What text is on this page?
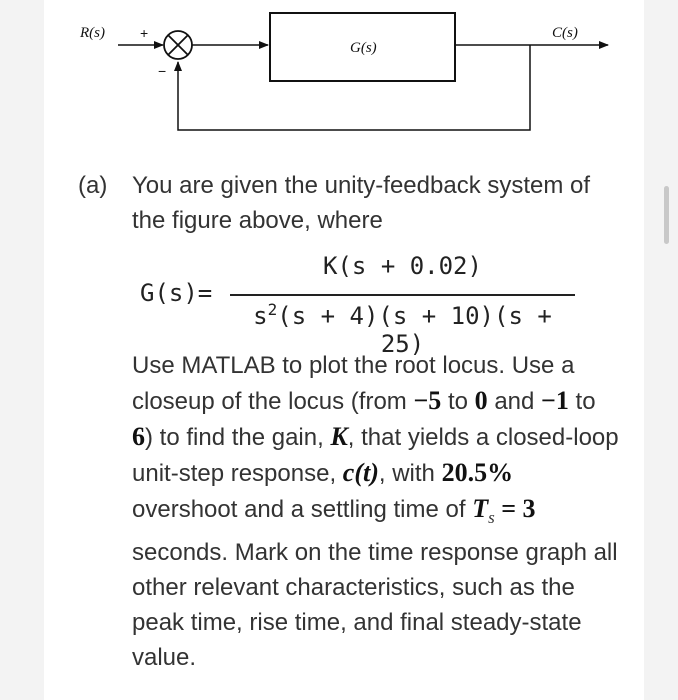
R(s)	+
−
G(s)
C(s)
(a) You are given the unity-feedback system of the figure above, where
G(s)=
K(s + 0.02)
$s^2(s + 4)(s + 10)(s + 25)$
Use MATLAB to plot the root locus. Use a closeup of the locus (from −5 to 0 and −1 to 6) to find the gain, K, that yields a closed-loop unit-step response, c(t), with 20.5% overshoot and a settling time of $T_s = 3$ seconds. Mark on the time response graph all other relevant characteristics, such as the peak time, rise time, and final steady-state value.
